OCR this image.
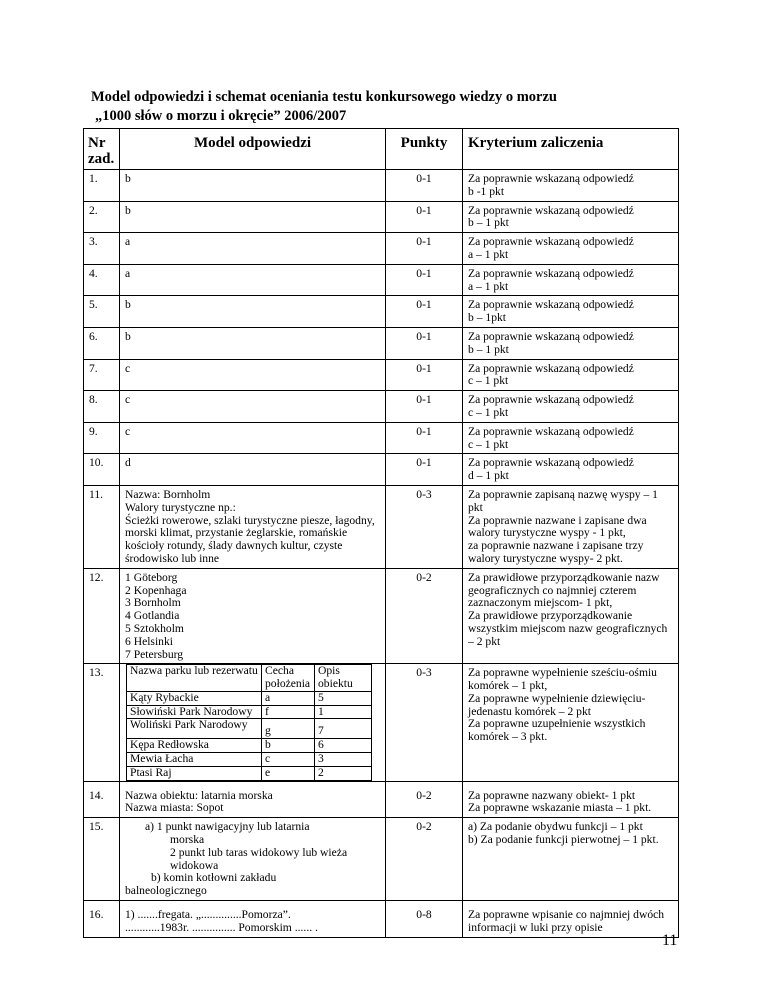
Model odpowiedzi i schemat oceniania testu konkursowego wiedzy o morzu
„1000 słów o morzu i okręcie” 2006/2007
Nr zad.	Model odpowiedzi	Punkty	Kryterium zaliczenia
1.	b	0-1	Za poprawnie wskazaną odpowiedź
b -1 pkt
2.	b	0-1	Za poprawnie wskazaną odpowiedź
b – 1 pkt
3.	a	0-1	Za poprawnie wskazaną odpowiedź
a – 1 pkt
4.	a	0-1	Za poprawnie wskazaną odpowiedź
a – 1 pkt
5.	b	0-1	Za poprawnie wskazaną odpowiedź
b – 1pkt
6.	b	0-1	Za poprawnie wskazaną odpowiedź
b – 1 pkt
7.	c	0-1	Za poprawnie wskazaną odpowiedź
c – 1 pkt
8.	c	0-1	Za poprawnie wskazaną odpowiedź
c – 1 pkt
9.	c	0-1	Za poprawnie wskazaną odpowiedź
c – 1 pkt
10.	d	0-1	Za poprawnie wskazaną odpowiedź
d – 1 pkt
11.	Nazwa: Bornholm
Walory turystyczne np.:
Ścieżki rowerowe, szlaki turystyczne piesze, łagodny, morski klimat, przystanie żeglarskie, romańskie kościoły rotundy, ślady dawnych kultur, czyste środowisko lub inne	0-3	Za poprawnie zapisaną nazwę wyspy – 1 pkt
Za poprawnie nazwane i zapisane dwa walory turystyczne wyspy - 1 pkt,
za poprawnie nazwane i zapisane trzy walory turystyczne wyspy- 2 pkt.
12.	1 Göteborg
2 Kopenhaga
3 Bornholm
4 Gotlandia
5 Sztokholm
6 Helsinki
7 Petersburg	0-2	Za prawidłowe przyporządkowanie nazw geograficznych co najmniej czterem zaznaczonym miejscom- 1 pkt,
Za prawidłowe przyporządkowanie wszystkim miejscom nazw geograficznych – 2 pkt
13.	Nazwa parku lub rezerwatu	Cecha położenia	Opis obiektu
Kąty Rybackie	a	5
Słowiński Park Narodowy	f	1
Woliński Park Narodowy	g	7
Kępa Redłowska	b	6
Mewia Łacha	c	3
Ptasi Raj	e	2
	0-3	Za poprawne wypełnienie sześciu-ośmiu komórek – 1 pkt,
Za poprawne wypełnienie dziewięciu-jedenastu komórek – 2 pkt
Za poprawne uzupełnienie wszystkich komórek – 3 pkt.
14.	Nazwa obiektu: latarnia morska
Nazwa miasta: Sopot	0-2	Za poprawne nazwany obiekt- 1 pkt
Za poprawne wskazanie miasta – 1 pkt.
15.	a) 1 punkt nawigacyjny lub latarnia
morska
2 punkt lub taras widokowy lub wieża
widokowa
b) komin kotłowni zakładu
balneologicznego
	0-2	a) Za podanie obydwu funkcji – 1 pkt
b) Za podanie funkcji pierwotnej – 1 pkt.
16.	1) .......fregata. „..............Pomorza”.
............1983r. ............... Pomorskim ...... .	0-8	Za poprawne wpisanie co najmniej dwóch informacji w luki przy opisie
11
